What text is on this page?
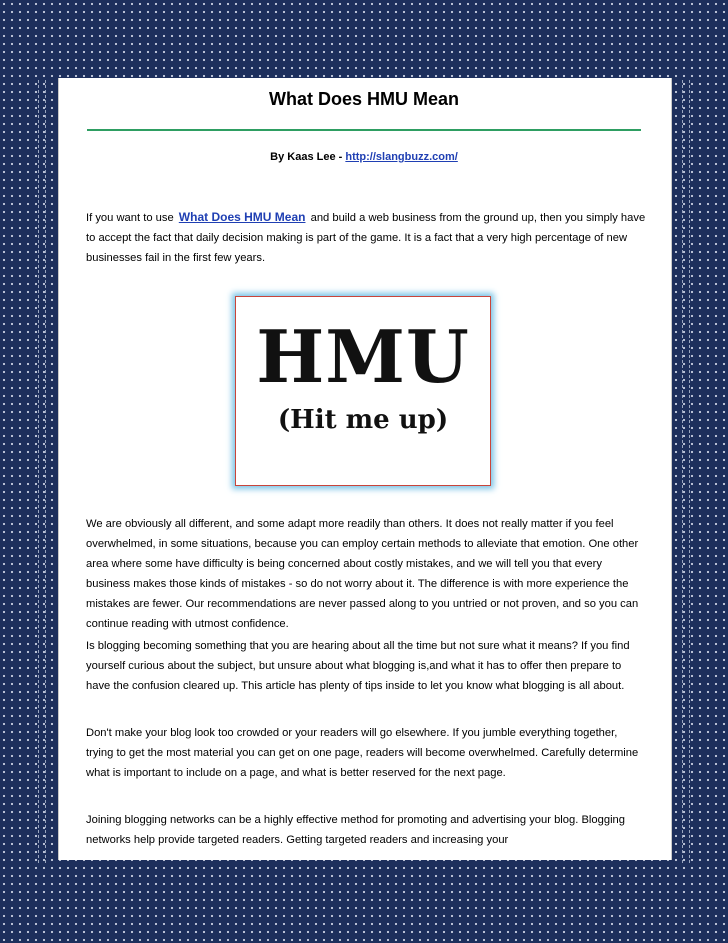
What Does HMU Mean
By Kaas Lee - http://slangbuzz.com/

If you want to use What Does HMU Mean and build a web business from the ground up, then you simply have to accept the fact that daily decision making is part of the game. It is a fact that a very high percentage of new businesses fail in the first few years.

HMU
(Hit me up)

We are obviously all different, and some adapt more readily than others. It does not really matter if you feel overwhelmed, in some situations, because you can employ certain methods to alleviate that emotion. One other area where some have difficulty is being concerned about costly mistakes, and we will tell you that every business makes those kinds of mistakes - so do not worry about it. The difference is with more experience the mistakes are fewer. Our recommendations are never passed along to you untried or not proven, and so you can continue reading with utmost confidence.

Is blogging becoming something that you are hearing about all the time but not sure what it means? If you find yourself curious about the subject, but unsure about what blogging is,and what it has to offer then prepare to have the confusion cleared up. This article has plenty of tips inside to let you know what blogging is all about.

Don't make your blog look too crowded or your readers will go elsewhere. If you jumble everything together, trying to get the most material you can get on one page, readers will become overwhelmed. Carefully determine what is important to include on a page, and what is better reserved for the next page.

Joining blogging networks can be a highly effective method for promoting and advertising your blog. Blogging networks help provide targeted readers. Getting targeted readers and increasing your
